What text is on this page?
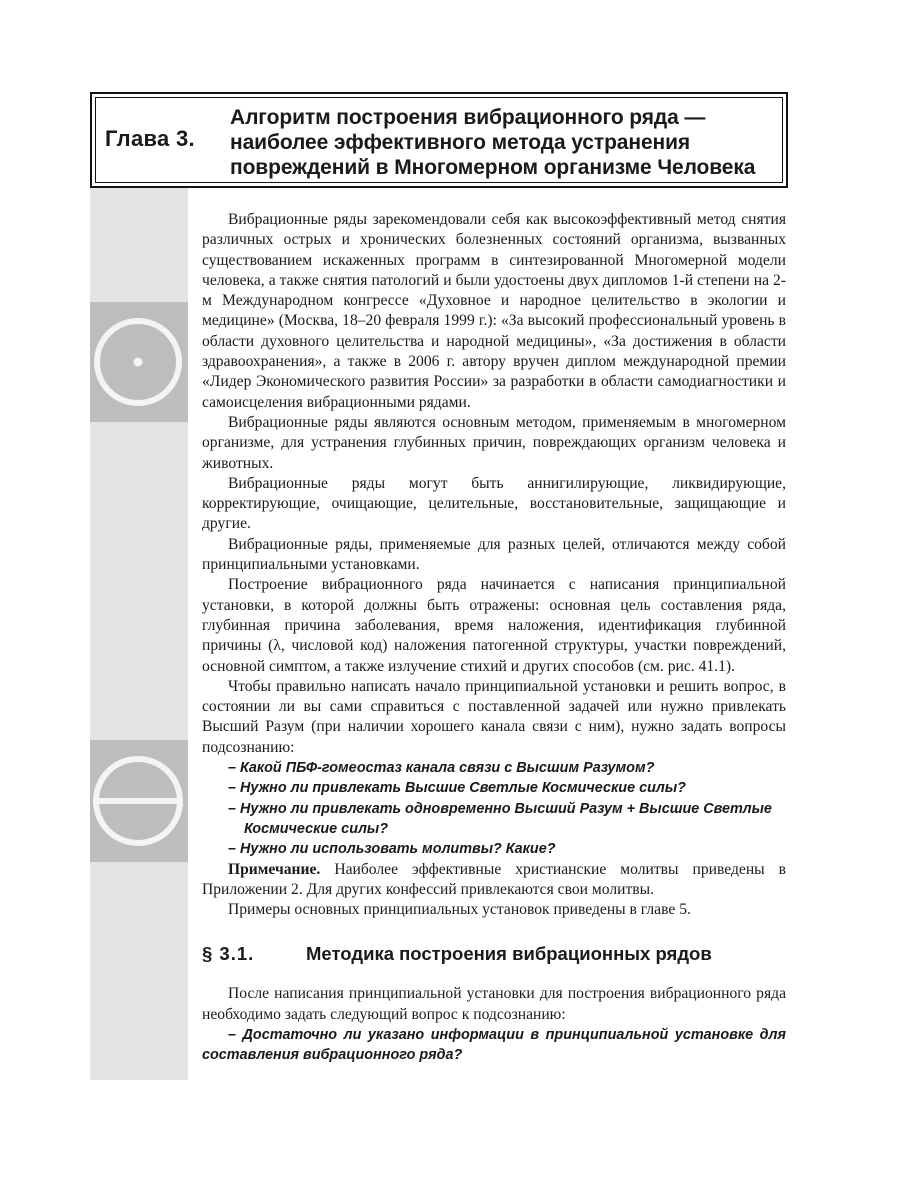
Глава 3.
Алгоритм построения вибрационного ряда — наиболее эффективного метода устранения повреждений в Многомерном организме Человека

Вибрационные ряды зарекомендовали себя как высокоэффективный метод снятия различных острых и хронических болезненных состояний организма, вызванных существованием искаженных программ в синтезированной Многомерной модели человека, а также снятия патологий и были удостоены двух дипломов 1-й степени на 2-м Международном конгрессе «Духовное и народное целительство в экологии и медицине» (Москва, 18–20 февраля 1999 г.): «За высокий профессиональный уровень в области духовного целительства и народной медицины», «За достижения в области здравоохранения», а также в 2006 г. автору вручен диплом международной премии «Лидер Экономического развития России» за разработки в области самодиагностики и самоисцеления вибрационными рядами.

Вибрационные ряды являются основным методом, применяемым в многомерном организме, для устранения глубинных причин, повреждающих организм человека и животных.

Вибрационные ряды могут быть аннигилирующие, ликвидирующие, корректирующие, очищающие, целительные, восстановительные, защищающие и другие.

Вибрационные ряды, применяемые для разных целей, отличаются между собой принципиальными установками.

Построение вибрационного ряда начинается с написания принципиальной установки, в которой должны быть отражены: основная цель составления ряда, глубинная причина заболевания, время наложения, идентификация глубинной причины (λ, числовой код) наложения патогенной структуры, участки повреждений, основной симптом, а также излучение стихий и других способов (см. рис. 41.1).

Чтобы правильно написать начало принципиальной установки и решить вопрос, в состоянии ли вы сами справиться с поставленной задачей или нужно привлекать Высший Разум (при наличии хорошего канала связи с ним), нужно задать вопросы подсознанию:

– Какой ПБФ-гомеостаз канала связи с Высшим Разумом?
– Нужно ли привлекать Высшие Светлые Космические силы?
– Нужно ли привлекать одновременно Высший Разум + Высшие Светлые Космические силы?
– Нужно ли использовать молитвы? Какие?

Примечание. Наиболее эффективные христианские молитвы приведены в Приложении 2. Для других конфессий привлекаются свои молитвы.

Примеры основных принципиальных установок приведены в главе 5.

§ 3.1.	Методика построения вибрационных рядов

После написания принципиальной установки для построения вибрационного ряда необходимо задать следующий вопрос к подсознанию:

– Достаточно ли указано информации в принципиальной установке для составления вибрационного ряда?
